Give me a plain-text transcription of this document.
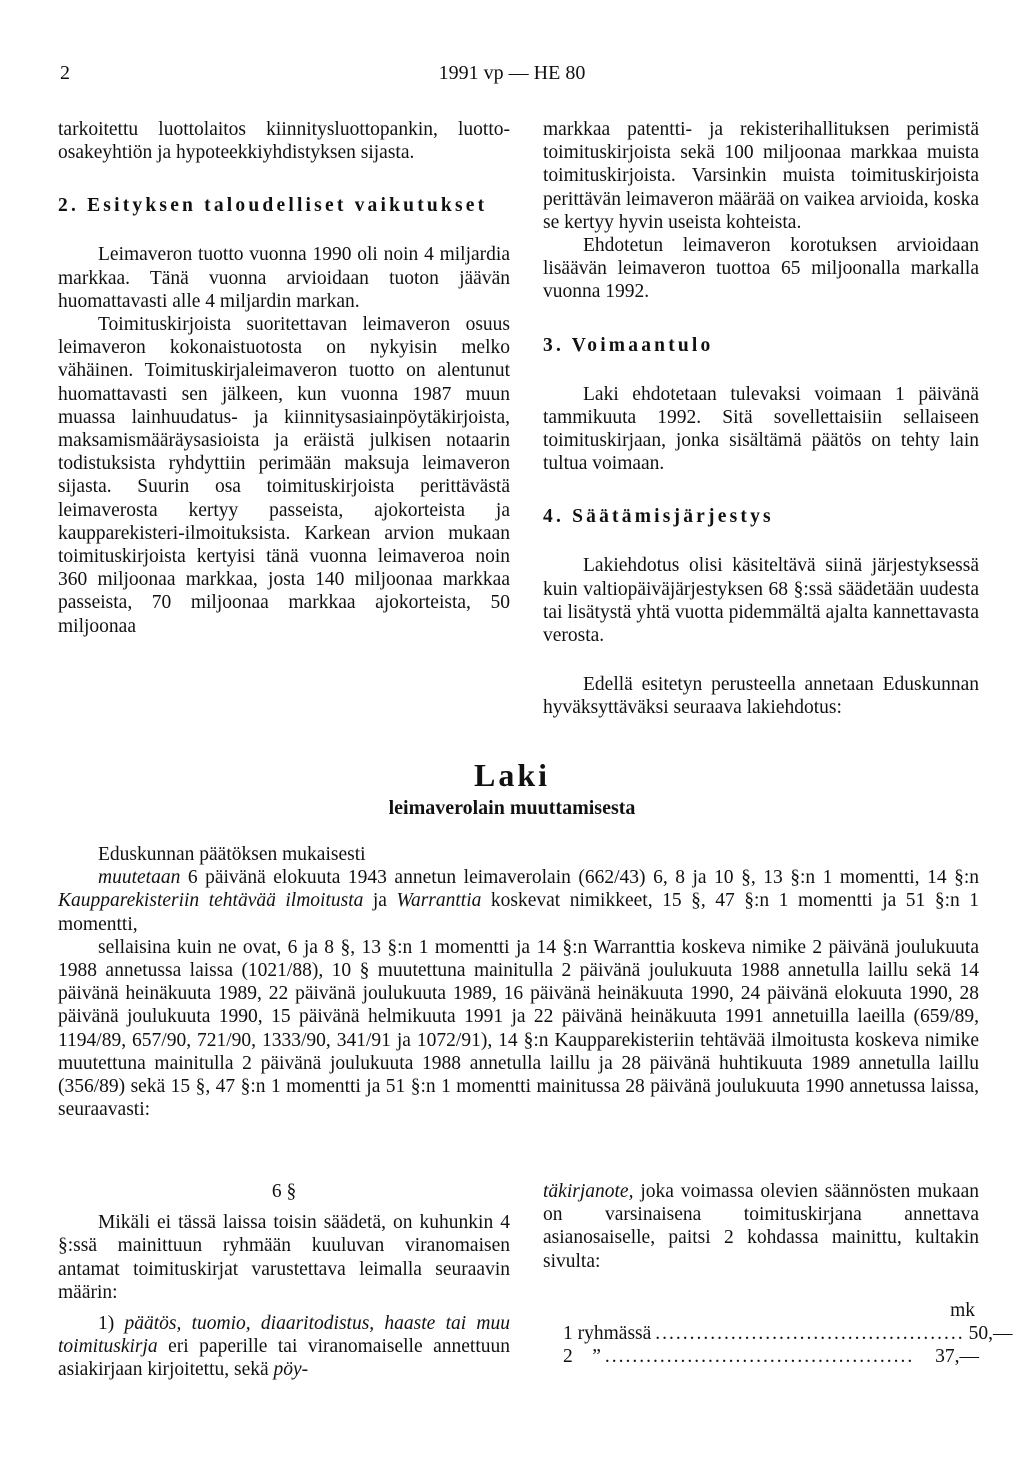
2	1991 vp — HE 80

tarkoitettu luottolaitos kiinnitysluottopankin, luotto-osakeyhtiön ja hypoteekkiyhdistyksen sijasta.

2. Esityksen taloudelliset vaikutukset

Leimaveron tuotto vuonna 1990 oli noin 4 miljardia markkaa. Tänä vuonna arvioidaan tuoton jäävän huomattavasti alle 4 miljardin markan.

Toimituskirjoista suoritettavan leimaveron osuus leimaveron kokonaistuotosta on nykyisin melko vähäinen. Toimituskirjaleimaveron tuotto on alentunut huomattavasti sen jälkeen, kun vuonna 1987 muun muassa lainhuudatus- ja kiinnitysasiainpöytäkirjoista, maksamismääräysasioista ja eräistä julkisen notaarin todistuksista ryhdyttiin perimään maksuja leimaveron sijasta. Suurin osa toimituskirjoista perittävästä leimaverosta kertyy passeista, ajokorteista ja kaupparekisteri-ilmoituksista. Karkean arvion mukaan toimituskirjoista kertyisi tänä vuonna leimaveroa noin 360 miljoonaa markkaa, josta 140 miljoonaa markkaa passeista, 70 miljoonaa markkaa ajokorteista, 50 miljoonaa

markkaa patentti- ja rekisterihallituksen perimistä toimituskirjoista sekä 100 miljoonaa markkaa muista toimituskirjoista. Varsinkin muista toimituskirjoista perittävän leimaveron määrää on vaikea arvioida, koska se kertyy hyvin useista kohteista.

Ehdotetun leimaveron korotuksen arvioidaan lisäävän leimaveron tuottoa 65 miljoonalla markalla vuonna 1992.

3. Voimaantulo

Laki ehdotetaan tulevaksi voimaan 1 päivänä tammikuuta 1992. Sitä sovellettaisiin sellaiseen toimituskirjaan, jonka sisältämä päätös on tehty lain tultua voimaan.

4. Säätämisjärjestys

Lakiehdotus olisi käsiteltävä siinä järjestyksessä kuin valtiopäiväjärjestyksen 68 §:ssä säädetään uudesta tai lisätystä yhtä vuotta pidemmältä ajalta kannettavasta verosta.

Edellä esitetyn perusteella annetaan Eduskunnan hyväksyttäväksi seuraava lakiehdotus:

Laki
leimaverolain muuttamisesta

Eduskunnan päätöksen mukaisesti

muutetaan 6 päivänä elokuuta 1943 annetun leimaverolain (662/43) 6, 8 ja 10 §, 13 §:n 1 momentti, 14 §:n Kaupparekisteriin tehtävää ilmoitusta ja Warranttia koskevat nimikkeet, 15 §, 47 §:n 1 momentti ja 51 §:n 1 momentti,

sellaisina kuin ne ovat, 6 ja 8 §, 13 §:n 1 momentti ja 14 §:n Warranttia koskeva nimike 2 päivänä joulukuuta 1988 annetussa laissa (1021/88), 10 § muutettuna mainitulla 2 päivänä joulukuuta 1988 annetulla laillu sekä 14 päivänä heinäkuuta 1989, 22 päivänä joulukuuta 1989, 16 päivänä heinäkuuta 1990, 24 päivänä elokuuta 1990, 28 päivänä joulukuuta 1990, 15 päivänä helmikuuta 1991 ja 22 päivänä heinäkuuta 1991 annetuilla laeilla (659/89, 1194/89, 657/90, 721/90, 1333/90, 341/91 ja 1072/91), 14 §:n Kaupparekisteriin tehtävää ilmoitusta koskeva nimike muutettuna mainitulla 2 päivänä joulukuuta 1988 annetulla laillu ja 28 päivänä huhtikuuta 1989 annetulla laillu (356/89) sekä 15 §, 47 §:n 1 momentti ja 51 §:n 1 momentti mainitussa 28 päivänä joulukuuta 1990 annetussa laissa, seuraavasti:

6 §

Mikäli ei tässä laissa toisin säädetä, on kuhunkin 4 §:ssä mainittuun ryhmään kuuluvan viranomaisen antamat toimituskirjat varustettava leimalla seuraavin määrin:

1) päätös, tuomio, diaaritodistus, haaste tai muu toimituskirja eri paperille tai viranomaiselle annettuun asiakirjaan kirjoitettu, sekä pöy-

täkirjanote, joka voimassa olevien säännösten mukaan on varsinaisena toimituskirjana annettava asianosaiselle, paitsi 2 kohdassa mainittu, kultakin sivulta:

mk
1 ryhmässä ............................................. 50,—
2    ” .............................................	37,—
